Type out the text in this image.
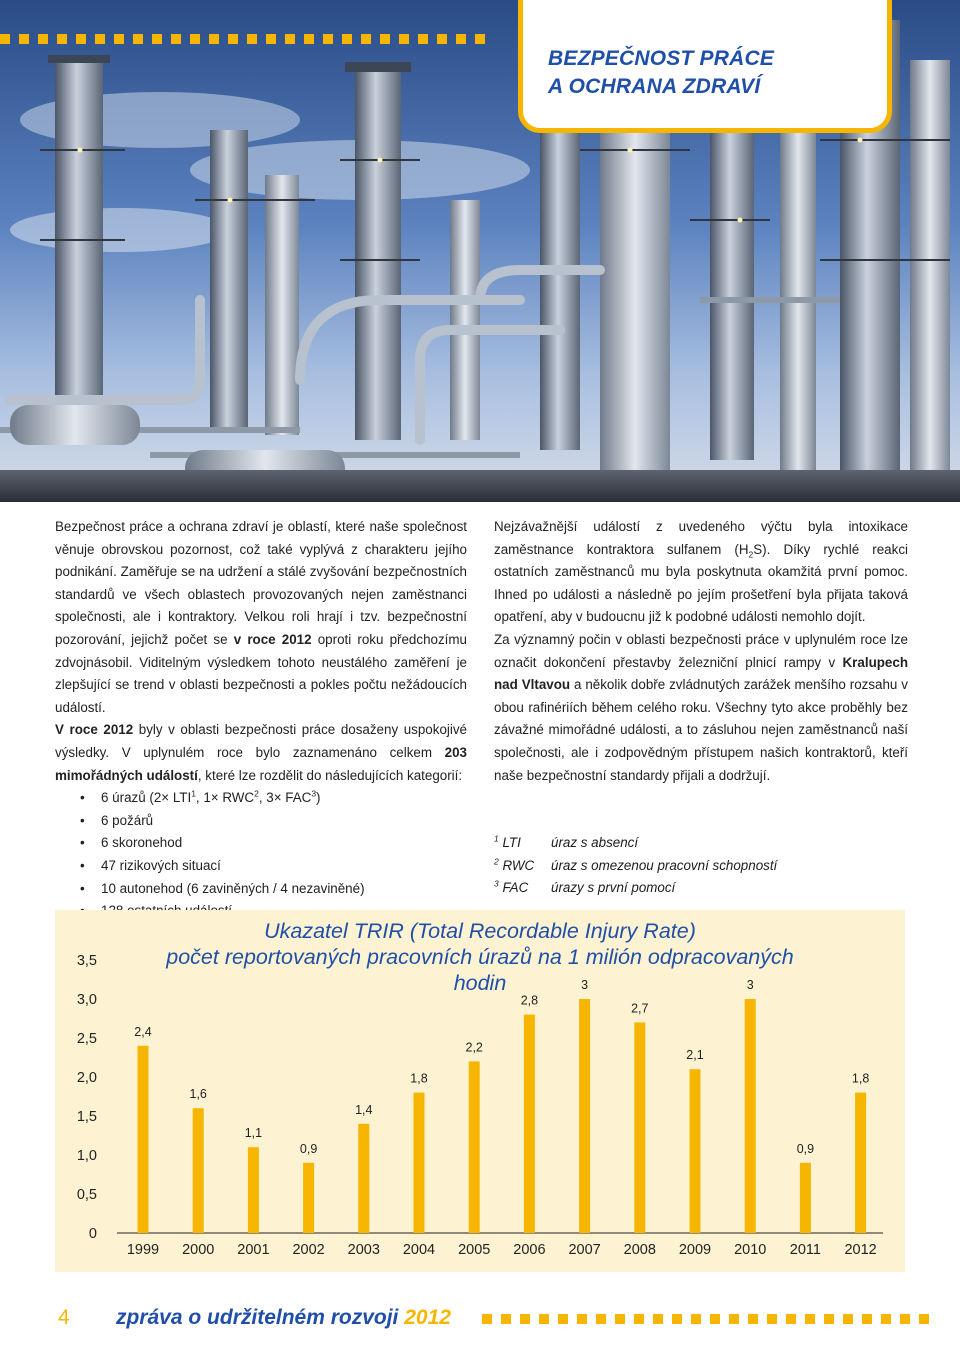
BEZPEČNOST PRÁCE
A OCHRANA ZDRAVÍ

Bezpečnost práce a ochrana zdraví je oblastí, které naše společnost věnuje obrovskou pozornost, což také vyplývá z charakteru jejího podnikání. Zaměřuje se na udržení a stálé zvyšování bezpečnostních standardů ve všech oblastech provozovaných nejen zaměstnanci společnosti, ale i kontraktory. Velkou roli hrají i tzv. bezpečnostní pozorování, jejichž počet se v roce 2012 oproti roku předchozímu zdvojnásobil. Viditelným výsledkem tohoto neustálého zaměření je zlepšující se trend v oblasti bezpečnosti a pokles počtu nežádoucích událostí.

V roce 2012 byly v oblasti bezpečnosti práce dosaženy uspokojivé výsledky. V uplynulém roce bylo zaznamenáno celkem 203 mimořádných událostí, které lze rozdělit do následujících kategorií:

• 6 úrazů ($2\times LTI^1$, $1\times RWC^2$, $3\times FAC^3$)
• 6 požárů
• 6 skoronehod
• 47 rizikových situací
• 10 autonehod (6 zaviněných / 4 nezaviněné)
•

Nejzávažnější událostí z uvedeného výčtu byla intoxikace zaměstnance kontraktora sulfanem $(H_2S)$. Díky rychlé reakci ostatních zaměstnanců mu byla poskytnuta okamžitá první pomoc. Ihned po události a následně po jejím prošetření byla přijata taková opatření, aby v budoucnu již k podobné události nemohlo dojít.

Za významný počin v oblasti bezpečnosti práce v uplynulém roce lze označit dokončení přestavby železniční plnicí rampy v Kralupech nad Vltavou a několik dobře zvládnutých zarážek menšího rozsahu v obou rafinériích během celého roku. Všechny tyto akce proběhly bez závažné mimořádné události, a to zásluhou nejen zaměstnanců naší společnosti, ale i zodpovědným přístupem našich kontraktorů, kteří naše bezpečnostní standardy přijali a dodržují.

$^1$ LTI	úraz s absencí
$^2$ RWC	úraz s omezenou pracovní schopností
$^3$ FAC	úrazy s první pomocí
0
0,5
1,0
1,5
2,0
2,5
3,0
3,5
2,4
1999
1,6
2000
1,1
2001
0,9
2002
1,4
2003
1,8
2004
2,2
2005
2,8
2006
3
2007
2,7
2008
2,1
2009
3
2010
0,9
2011
1,8
2012
Ukazatel TRIR (Total Recordable Injury Rate)
počet reportovaných pracovních úrazů na 1 milión odpracovaných hodin
4 zpráva o udržitelném rozvoji 2012
